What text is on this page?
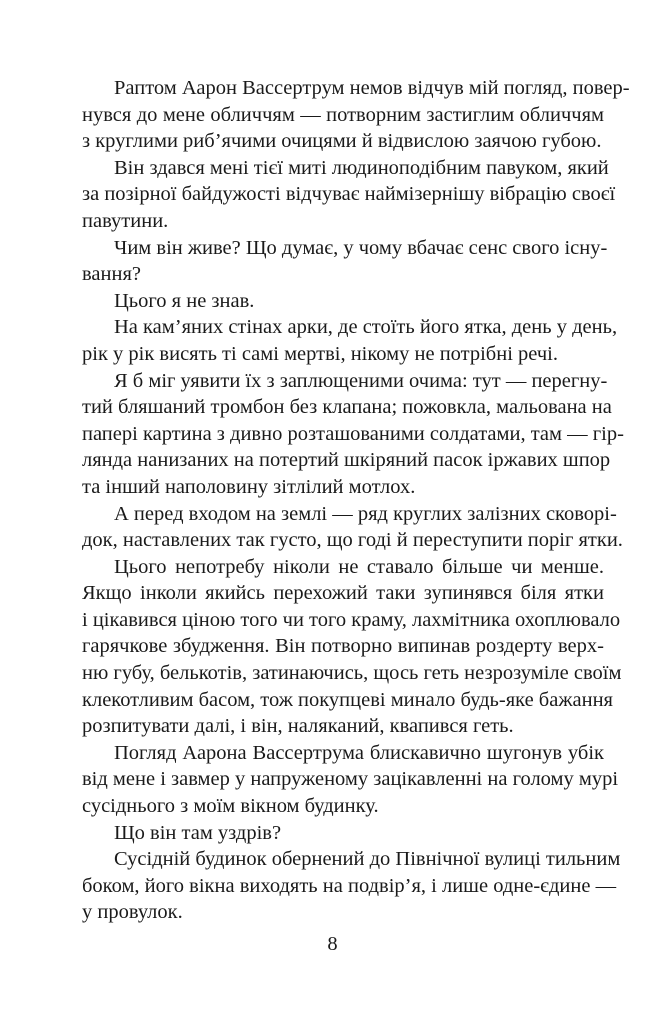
Раптом Аарон Вассертрум немов відчув мій погляд, повер-
нувся до мене обличчям — потворним застиглим обличчям
з круглими риб’ячими очицями й відвислою заячою губою.
Він здався мені тієї миті людиноподібним павуком, який
за позірної байдужості відчуває наймізернішу вібрацію своєї
павутини.
Чим він живе? Що думає, у чому вбачає сенс свого існу-
вання?
Цього я не знав.
На кам’яних стінах арки, де стоїть його ятка, день у день,
рік у рік висять ті самі мертві, нікому не потрібні речі.
Я б міг уявити їх з заплющеними очима: тут — перегну-
тий бляшаний тромбон без клапана; пожовкла, мальована на
папері картина з дивно розташованими солдатами, там — гір-
лянда нанизаних на потертий шкіряний пасок іржавих шпор
та інший наполовину зітлілий мотлох.
А перед входом на землі — ряд круглих залізних сковорі-
док, наставлених так густо, що годі й переступити поріг ятки.
Цього непотребу ніколи не ставало більше чи менше.
Якщо інколи якийсь перехожий таки зупинявся біля ятки
і цікавився ціною того чи того краму, лахмітника охоплювало
гарячкове збудження. Він потворно випинав роздерту верх-
ню губу, белькотів, затинаючись, щось геть незрозуміле своїм
клекотливим басом, тож покупцеві минало будь-яке бажання
розпитувати далі, і він, наляканий, квапився геть.
Погляд Аарона Вассертрума блискавично шугонув убік
від мене і завмер у напруженому зацікавленні на голому мурі
сусіднього з моїм вікном будинку.
Що він там уздрів?
Сусідній будинок обернений до Північної вулиці тильним
боком, його вікна виходять на подвір’я, і лише одне-єдине —
у провулок.
8
